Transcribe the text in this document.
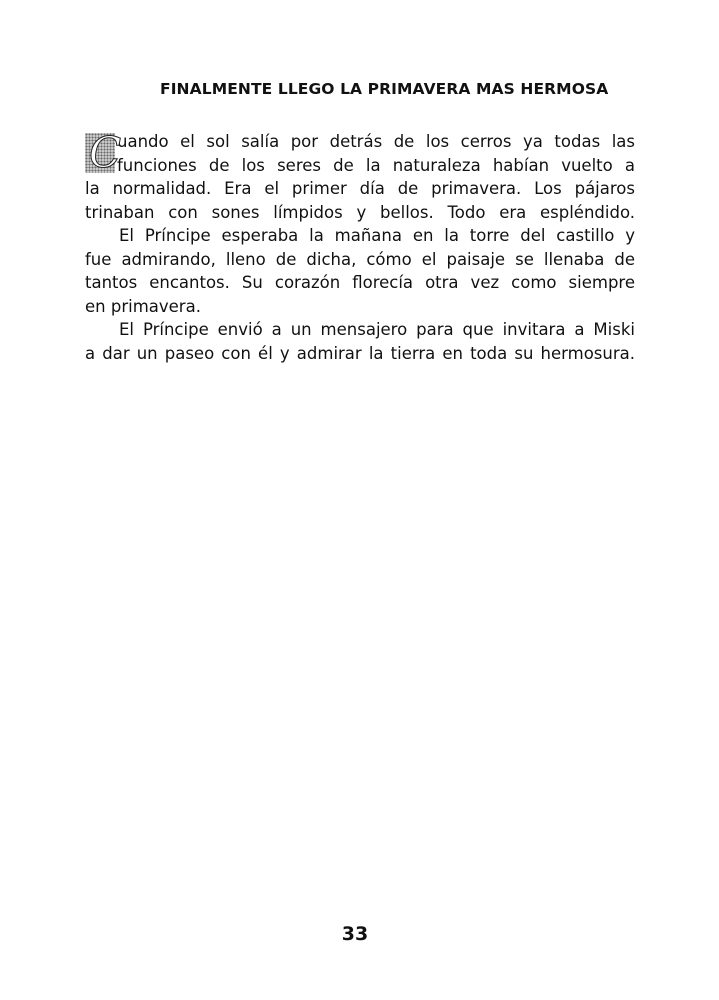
FINALMENTE LLEGO LA PRIMAVERA MAS HERMOSA
C
uando el sol salía por detrás de los cerros ya todas las
funciones de los seres de la naturaleza habían vuelto a
la normalidad. Era el primer día de primavera. Los pájaros
trinaban con sones límpidos y bellos. Todo era espléndido.
El Príncipe esperaba la mañana en la torre del castillo y
fue admirando, lleno de dicha, cómo el paisaje se llenaba de
tantos encantos. Su corazón florecía otra vez como siempre
en primavera.
El Príncipe envió a un mensajero para que invitara a Miski
a dar un paseo con él y admirar la tierra en toda su hermosura.
33
